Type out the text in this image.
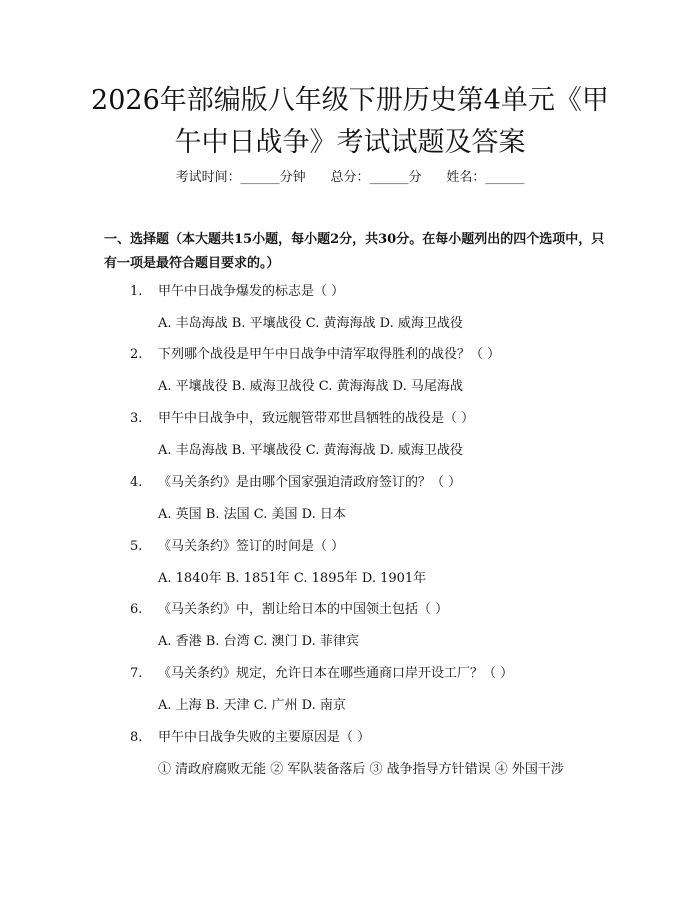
2026年部编版八年级下册历史第4单元《甲午中日战争》考试试题及答案
考试时间：______分钟 总分：______分 姓名：______

一、选择题（本大题共15小题，每小题2分，共30分。在每小题列出的四个选项中，只有一项是最符合题目要求的。）

1. 甲午中日战争爆发的标志是（ ）
A. 丰岛海战 B. 平壤战役 C. 黄海海战 D. 威海卫战役
2. 下列哪个战役是甲午中日战争中清军取得胜利的战役？（ ）
A. 平壤战役 B. 威海卫战役 C. 黄海海战 D. 马尾海战
3. 甲午中日战争中，致远舰管带邓世昌牺牲的战役是（ ）
A. 丰岛海战 B. 平壤战役 C. 黄海海战 D. 威海卫战役
4. 《马关条约》是由哪个国家强迫清政府签订的？（ ）
A. 英国 B. 法国 C. 美国 D. 日本
5. 《马关条约》签订的时间是（ ）
A. 1840年 B. 1851年 C. 1895年 D. 1901年
6. 《马关条约》中，割让给日本的中国领土包括（ ）
A. 香港 B. 台湾 C. 澳门 D. 菲律宾
7. 《马关条约》规定，允许日本在哪些通商口岸开设工厂？（ ）
A. 上海 B. 天津 C. 广州 D. 南京
8. 甲午中日战争失败的主要原因是（ ）
① 清政府腐败无能 ② 军队装备落后 ③ 战争指导方针错误 ④ 外国干涉
